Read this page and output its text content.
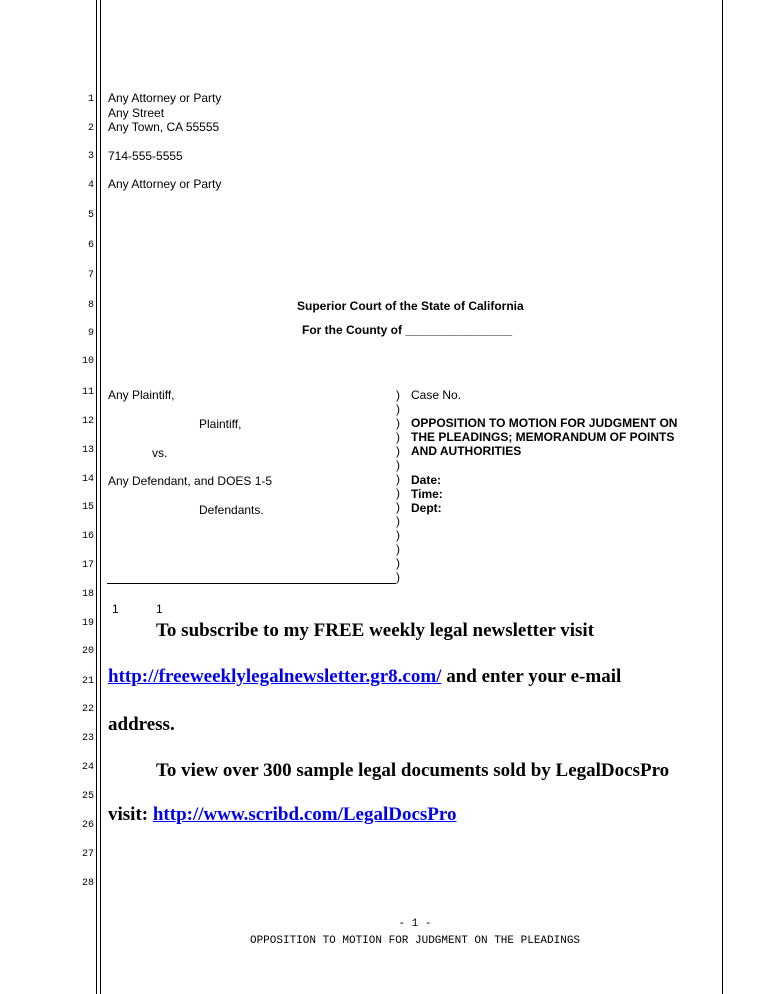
1
2
3
4
5
6
7
8
9
10
11
12
13
14
15
16
17
18
19
20
21
22
23
24
25
26
27
28
Any Attorney or Party
Any Street
Any Town, CA 55555
714-555-5555
Any Attorney or Party
Superior Court of the State of California
For the County of ________________
Any Plaintiff,
Plaintiff,
vs.
Any Defendant, and DOES 1-5
Defendants.
)
)
)
)
)
)
)
)
)
)
)
)
)
)
Case No.
OPPOSITION TO MOTION FOR JUDGMENT ON
THE PLEADINGS; MEMORANDUM OF POINTS
AND AUTHORITIES
Date:
Time:
Dept:
1	1
To subscribe to my FREE weekly legal newsletter visit
http://freeweeklylegalnewsletter.gr8.com/ and enter your e-mail
address.
To view over 300 sample legal documents sold by LegalDocsPro
visit: http://www.scribd.com/LegalDocsPro
- 1 -
OPPOSITION TO MOTION FOR JUDGMENT ON THE PLEADINGS
